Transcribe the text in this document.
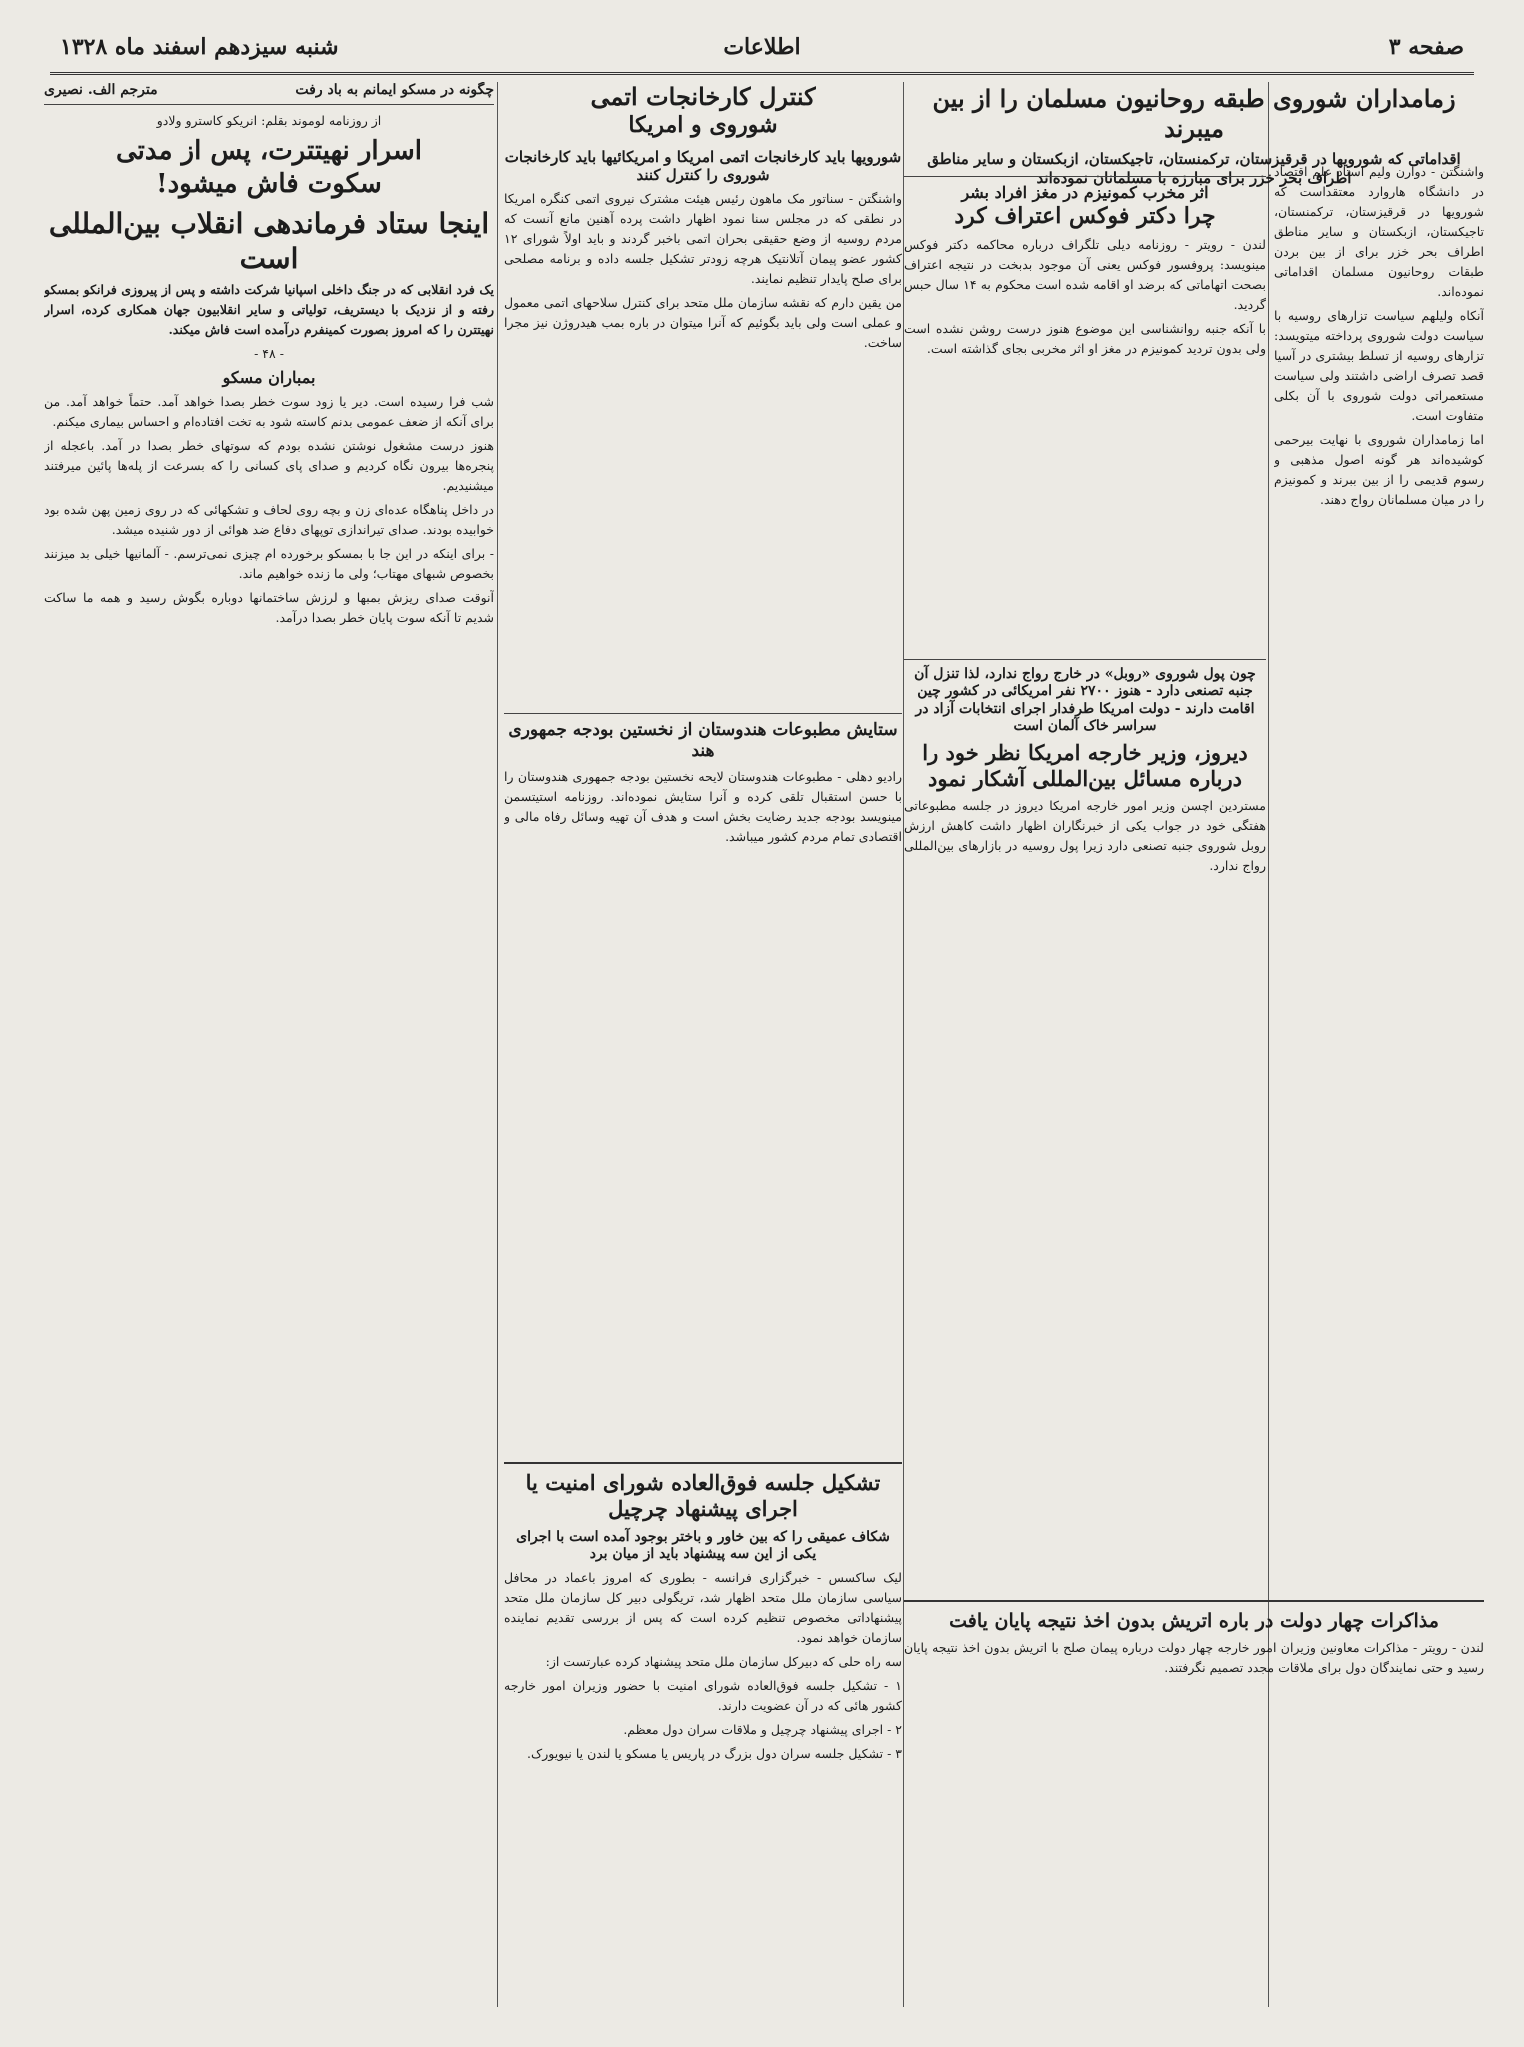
صفحه ۳
اطلاعات
شنبه سیزدهم اسفند ماه ۱۳۲۸
واشنگتن - دوارن ولیم استاد علم اقتصاد در دانشگاه هاروارد معتقداست که شورویها در قرقیزستان، ترکمنستان، تاجیکستان، ازبکستان و سایر مناطق اطراف بحر خزر برای از بین بردن طبقات روحانیون مسلمان اقداماتی نموده‌اند.
آنکاه ولیلهم سیاست تزارهای روسیه با سیاست دولت شوروی پرداخته میتویسد: تزارهای روسیه از تسلط بیشتری در آسیا قصد تصرف اراضی داشتند ولی سیاست مستعمراتی دولت شوروی با آن بکلی متفاوت است.
اما زمامداران شوروی با نهایت بیرحمی کوشیده‌اند هر گونه اصول مذهبی و رسوم قدیمی را از بین ببرند و کمونیزم را در میان مسلمانان رواج دهند.
زمامداران شوروی طبقه روحانیون مسلمان را از بین میبرند
اقداماتی که شورویها در قرقیزستان، ترکمنستان، تاجیکستان، ازبکستان و سایر مناطق اطراف بحر خزر برای مبارزه با مسلمانان نموده‌اند
اثر مخرب کمونیزم در مغز افراد بشر
چرا دکتر فوکس اعتراف کرد
لندن - رویتر - روزنامه دیلی تلگراف درباره محاکمه دکتر فوکس مینویسد: پروفسور فوکس یعنی آن موجود بدبخت در نتیجه اعتراف بصحت اتهاماتی که برضد او اقامه شده است محکوم به ۱۴ سال حبس گردید.
با آنکه جنبه روانشناسی این موضوع هنوز درست روشن نشده است ولی بدون تردید کمونیزم در مغز او اثر مخربی بجای گذاشته است.
چون پول شوروی «روبل» در خارج رواج ندارد، لذا تنزل آن جنبه تصنعی دارد - هنوز ۲۷۰۰ نفر امریکائی در کشور چین اقامت دارند - دولت امریکا طرفدار اجرای انتخابات آزاد در سراسر خاک آلمان است
دیروز، وزیر خارجه امریکا نظر خود را درباره مسائل بین‌المللی آشکار نمود
مستردین اچسن وزیر امور خارجه امریکا دیروز در جلسه مطبوعاتی هفتگی خود در جواب یکی از خبرنگاران اظهار داشت کاهش ارزش روبل شوروی جنبه تصنعی دارد زیرا پول روسیه در بازارهای بین‌المللی رواج ندارد.
مذاکرات چهار دولت در باره اتریش بدون اخذ نتیجه پایان یافت
لندن - رویتر - مذاکرات معاونین وزیران امور خارجه چهار دولت درباره پیمان صلح با اتریش بدون اخذ نتیجه پایان رسید و حتی نمایندگان دول برای ملاقات مجدد تصمیم نگرفتند.
کنترل کارخانجات اتمی
شوروی و امریکا
شورویها باید کارخانجات اتمی امریکا و امریکائیها باید کارخانجات شوروی را کنترل کنند
واشنگتن - سناتور مک ماهون رئیس هیئت مشترک نیروی اتمی کنگره امریکا در نطقی که در مجلس سنا نمود اظهار داشت پرده آهنین مانع آنست که مردم روسیه از وضع حقیقی بحران اتمی باخبر گردند و باید اولاً شورای ۱۲ کشور عضو پیمان آتلانتیک هرچه زودتر تشکیل جلسه داده و برنامه مصلحی برای صلح پایدار تنظیم نمایند.
من یقین دارم که نقشه سازمان ملل متحد برای کنترل سلاحهای اتمی معمول و عملی است ولی باید بگوئیم که آنرا میتوان در باره بمب هیدروژن نیز مجرا ساخت.
ستایش مطبوعات هندوستان از نخستین بودجه جمهوری هند
رادیو دهلی - مطبوعات هندوستان لایحه نخستین بودجه جمهوری هندوستان را با حسن استقبال تلقی کرده و آنرا ستایش نموده‌اند. روزنامه استیتسمن مینویسد بودجه جدید رضایت بخش است و هدف آن تهیه وسائل رفاه مالی و اقتصادی تمام مردم کشور میباشد.
تشکیل جلسه فوق‌العاده شورای امنیت یا اجرای پیشنهاد چرچیل
شکاف عمیقی را که بین خاور و باختر بوجود آمده است با اجرای یکی از این سه پیشنهاد باید از میان برد
لیک ساکسس - خبرگزاری فرانسه - بطوری که امروز باعماد در محافل سیاسی سازمان ملل متحد اظهار شد، تریگولی دبیر کل سازمان ملل متحد پیشنهاداتی مخصوص تنظیم کرده است که پس از بررسی تقدیم نماینده سازمان خواهد نمود.
سه راه حلی که دبیرکل سازمان ملل متحد پیشنهاد کرده عبارتست از:
۱ - تشکیل جلسه فوق‌العاده شورای امنیت با حضور وزیران امور خارجه کشور هائی که در آن عضویت دارند.
۲ - اجرای پیشنهاد چرچیل و ملاقات سران دول معظم.
۳ - تشکیل جلسه سران دول بزرگ در پاریس یا مسکو یا لندن یا نیویورک.
چگونه در مسکو ایمانم به باد رفت
مترجم الف. نصیری
از روزنامه لوموند بقلم: انریکو کاسترو ولادو
اسرار نهیتترت، پس از مدتی
سکوت فاش میشود!
اینجا ستاد فرماندهی انقلاب بین‌المللی است
یک فرد انقلابی که در جنگ داخلی اسپانیا شرکت داشته و پس از پیروزی فرانکو بمسکو رفته و از نزدیک با دیستریف، تولیاتی و سایر انقلابیون جهان همکاری کرده، اسرار نهیتترن را که امروز بصورت کمینفرم درآمده است فاش میکند.
- ۴۸ -
بمباران مسکو
شب فرا رسیده است. دیر یا زود سوت خطر بصدا خواهد آمد. حتماً خواهد آمد. من برای آنکه از ضعف عمومی بدنم کاسته شود به تخت افتاده‌ام و احساس بیماری میکنم.
هنوز درست مشغول نوشتن نشده بودم که سوتهای خطر بصدا در آمد. باعجله از پنجره‌ها بیرون نگاه کردیم و صدای پای کسانی را که بسرعت از پله‌ها پائین میرفتند میشنیدیم.
در داخل پناهگاه عده‌ای زن و بچه روی لحاف و تشکهائی که در روی زمین پهن شده بود خوابیده بودند. صدای تیراندازی توپهای دفاع ضد هوائی از دور شنیده میشد.
- برای اینکه در این جا با بمسکو برخورده ام چیزی نمی‌ترسم. - آلمانیها خیلی بد میزنند بخصوص شبهای مهتاب؛ ولی ما زنده خواهیم ماند.
آنوقت صدای ریزش بمبها و لرزش ساختمانها دوباره بگوش رسید و همه ما ساکت شدیم تا آنکه سوت پایان خطر بصدا درآمد.
